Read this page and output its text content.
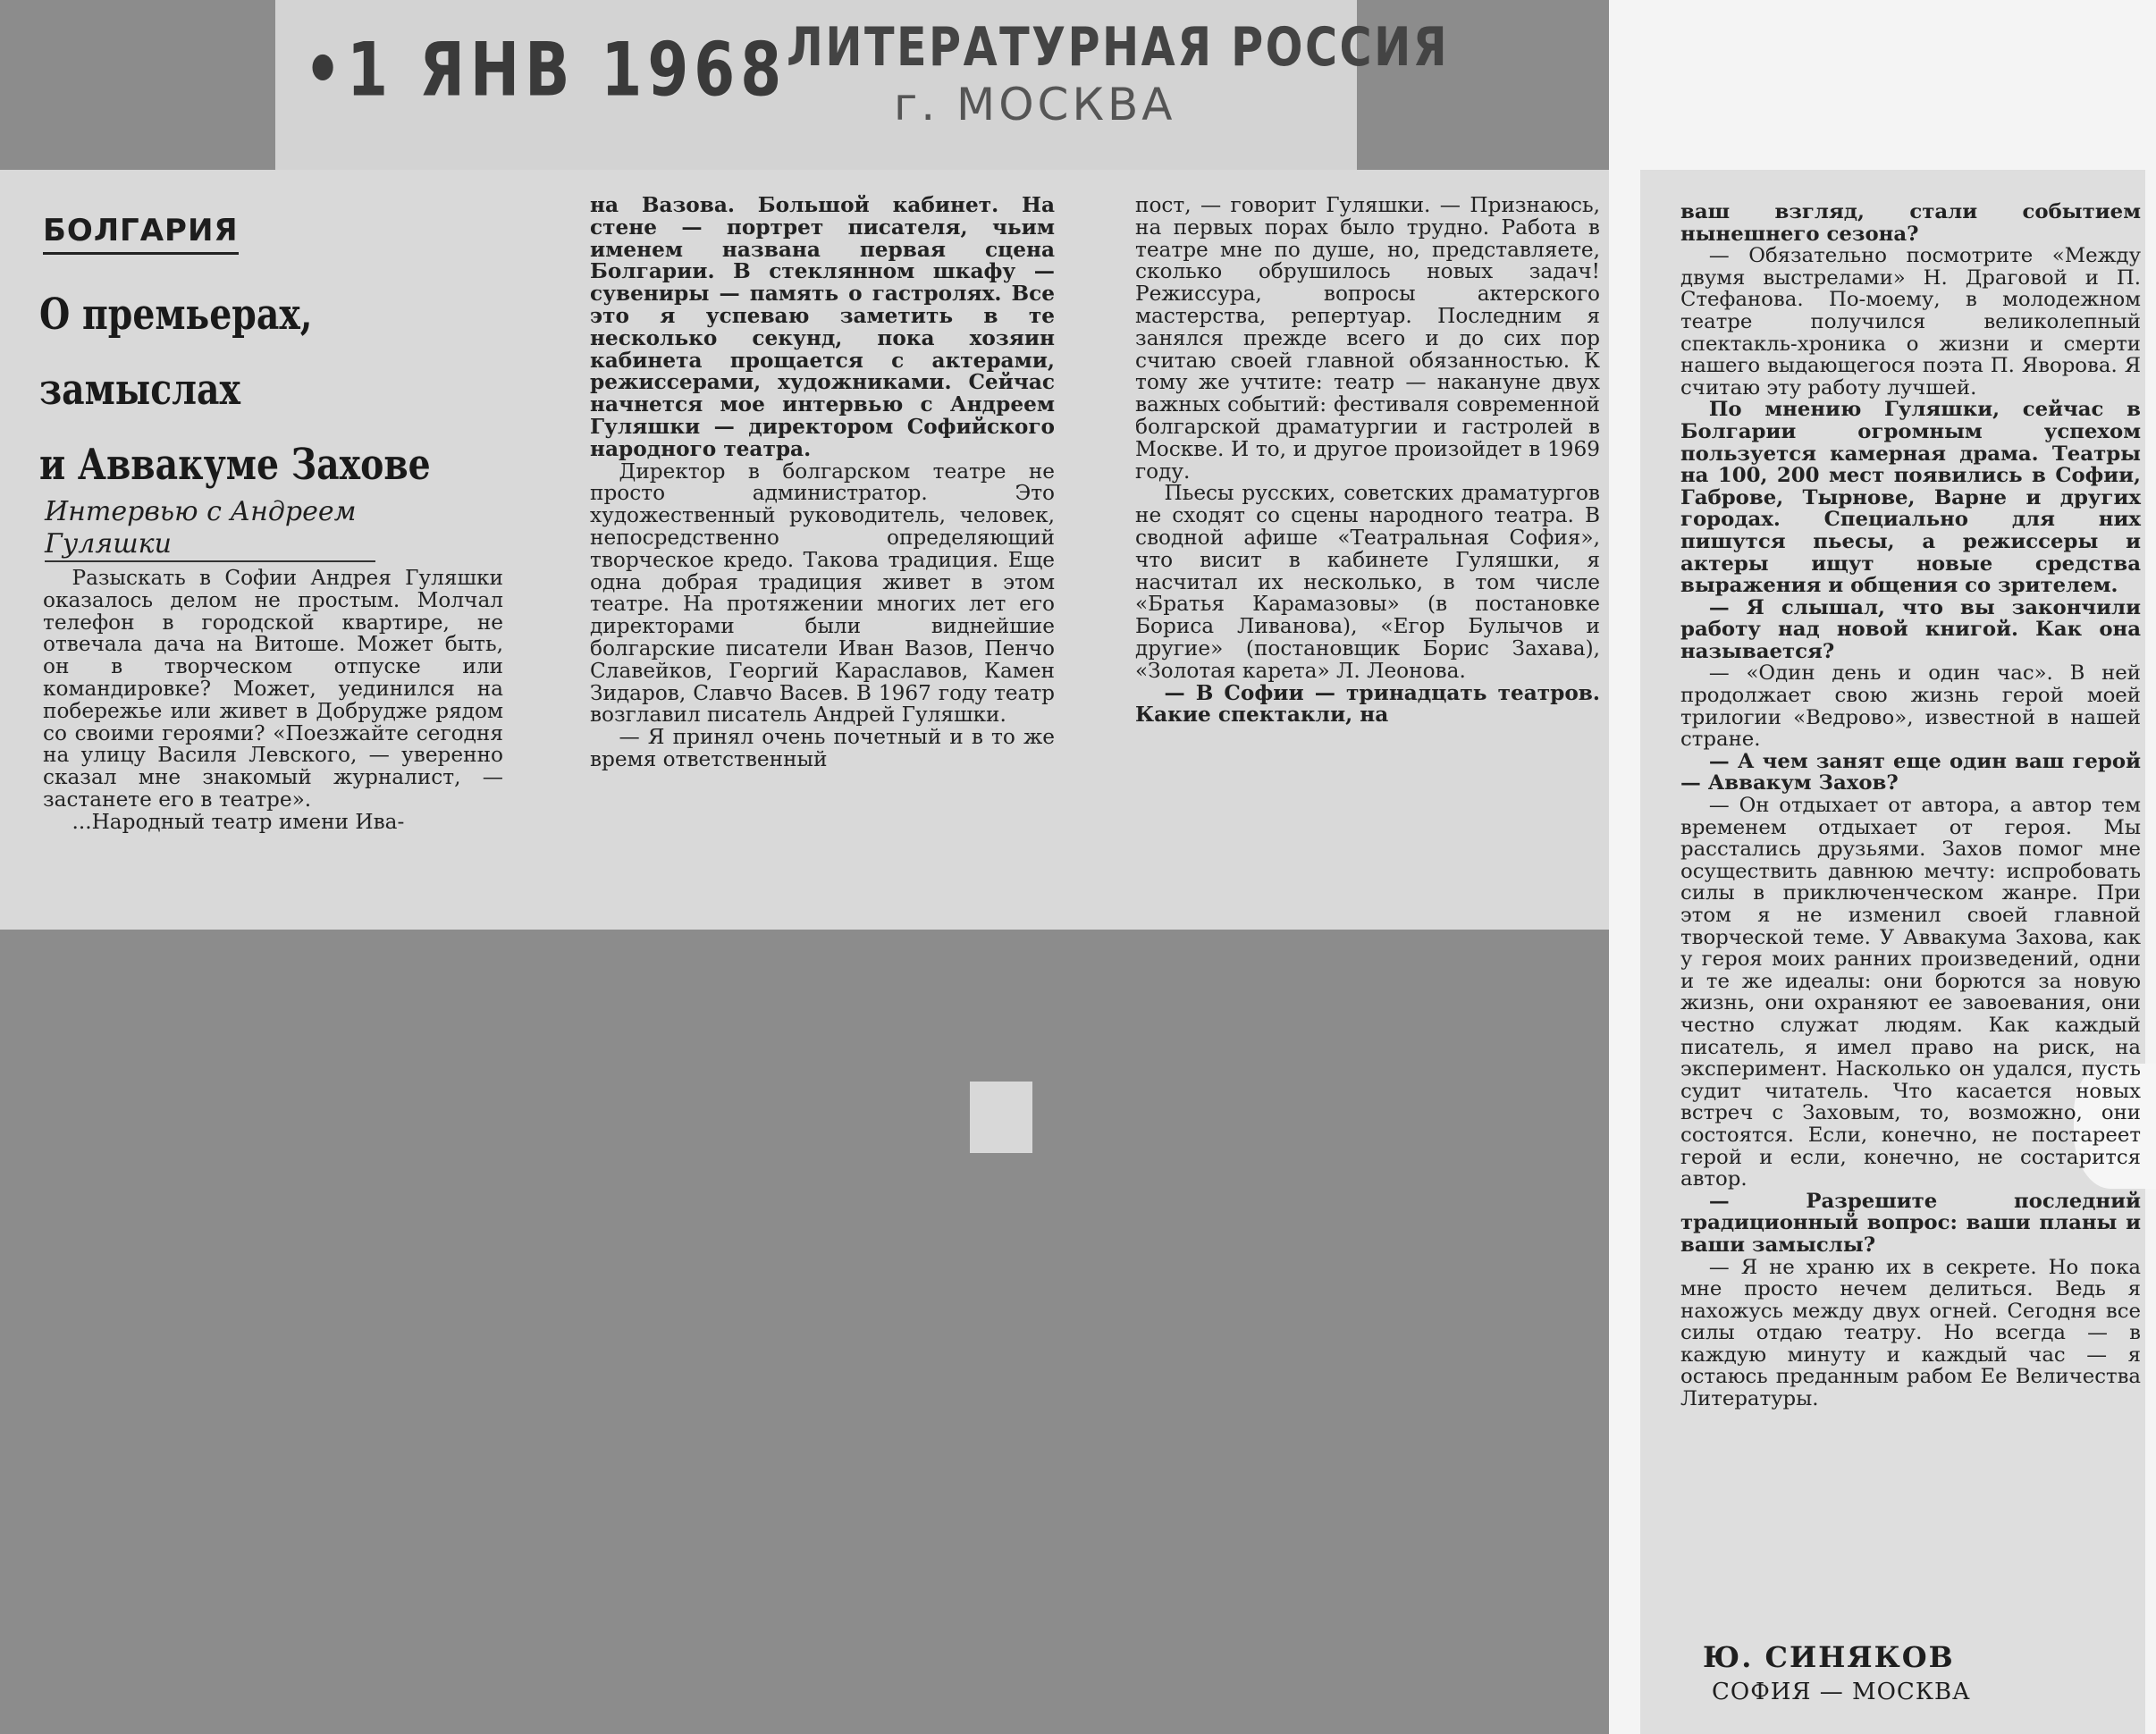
•1 ЯНВ 1968 ЛИТЕРАТУРНАЯ РОССИЯ
г. МОСКВА
БОЛГАРИЯ
О премьерах,
замыслах
и Аввакуме Захове
Интервью с Андреем Гуляшки

Разыскать в Софии Андрея Гуляшки оказалось делом не простым. Молчал телефон в городской квартире, не отвечала дача на Витоше. Может быть, он в творческом отпуске или командировке? Может, уединился на побережье или живет в Добрудже рядом со своими героями? «Поезжайте сегодня на улицу Василя Левского, — уверенно сказал мне знакомый журналист, — застанете его в театре».

...Народный театр имени Ива-

на Вазова. Большой кабинет. На стене — портрет писателя, чьим именем названа первая сцена Болгарии. В стеклянном шкафу — сувениры — память о гастролях. Все это я успеваю заметить в те несколько секунд, пока хозяин кабинета прощается с актерами, режиссерами, художниками. Сейчас начнется мое интервью с Андреем Гуляшки — директором Софийского народного театра.

Директор в болгарском театре не просто администратор. Это художественный руководитель, человек, непосредственно определяющий творческое кредо. Такова традиция. Еще одна добрая традиция живет в этом театре. На протяжении многих лет его директорами были виднейшие болгарские писатели Иван Вазов, Пенчо Славейков, Георгий Караславов, Камен Зидаров, Славчо Васев. В 1967 году театр возглавил писатель Андрей Гуляшки.

— Я принял очень почетный и в то же время ответственный

пост, — говорит Гуляшки. — Признаюсь, на первых порах было трудно. Работа в театре мне по душе, но, представляете, сколько обрушилось новых задач! Режиссура, вопросы актерского мастерства, репертуар. Последним я занялся прежде всего и до сих пор считаю своей главной обязанностью. К тому же учтите: театр — накануне двух важных событий: фестиваля современной болгарской драматургии и гастролей в Москве. И то, и другое произойдет в 1969 году.

Пьесы русских, советских драматургов не сходят со сцены народного театра. В сводной афише «Театральная София», что висит в кабинете Гуляшки, я насчитал их несколько, в том числе «Братья Карамазовы» (в постановке Бориса Ливанова), «Егор Булычов и другие» (постановщик Борис Захава), «Золотая карета» Л. Леонова.

— В Софии — тринадцать театров. Какие спектакли, на

ваш взгляд, стали событием нынешнего сезона?

— Обязательно посмотрите «Между двумя выстрелами» Н. Драговой и П. Стефанова. По-моему, в молодежном театре получился великолепный спектакль-хроника о жизни и смерти нашего выдающегося поэта П. Яворова. Я считаю эту работу лучшей.

По мнению Гуляшки, сейчас в Болгарии огромным успехом пользуется камерная драма. Театры на 100, 200 мест появились в Софии, Габрове, Тырнове, Варне и других городах. Специально для них пишутся пьесы, а режиссеры и актеры ищут новые средства выражения и общения со зрителем.

— Я слышал, что вы закончили работу над новой книгой. Как она называется?

— «Один день и один час». В ней продолжает свою жизнь герой моей трилогии «Ведрово», известной в нашей стране.

— А чем занят еще один ваш герой — Аввакум Захов?

— Он отдыхает от автора, а автор тем временем отдыхает от героя. Мы расстались друзьями. Захов помог мне осуществить давнюю мечту: испробовать силы в приключенческом жанре. При этом я не изменил своей главной творческой теме. У Аввакума Захова, как у героя моих ранних произведений, одни и те же идеалы: они борются за новую жизнь, они охраняют ее завоевания, они честно служат людям. Как каждый писатель, я имел право на риск, на эксперимент. Насколько он удался, пусть судит читатель. Что касается новых встреч с Заховым, то, возможно, они состоятся. Если, конечно, не постареет герой и если, конечно, не состарится автор.

— Разрешите последний традиционный вопрос: ваши планы и ваши замыслы?

— Я не храню их в секрете. Но пока мне просто нечем делиться. Ведь я нахожусь между двух огней. Сегодня все силы отдаю театру. Но всегда — в каждую минуту и каждый час — я остаюсь преданным рабом Ее Величества Литературы.

Ю. СИНЯКОВ
СОФИЯ — МОСКВА
